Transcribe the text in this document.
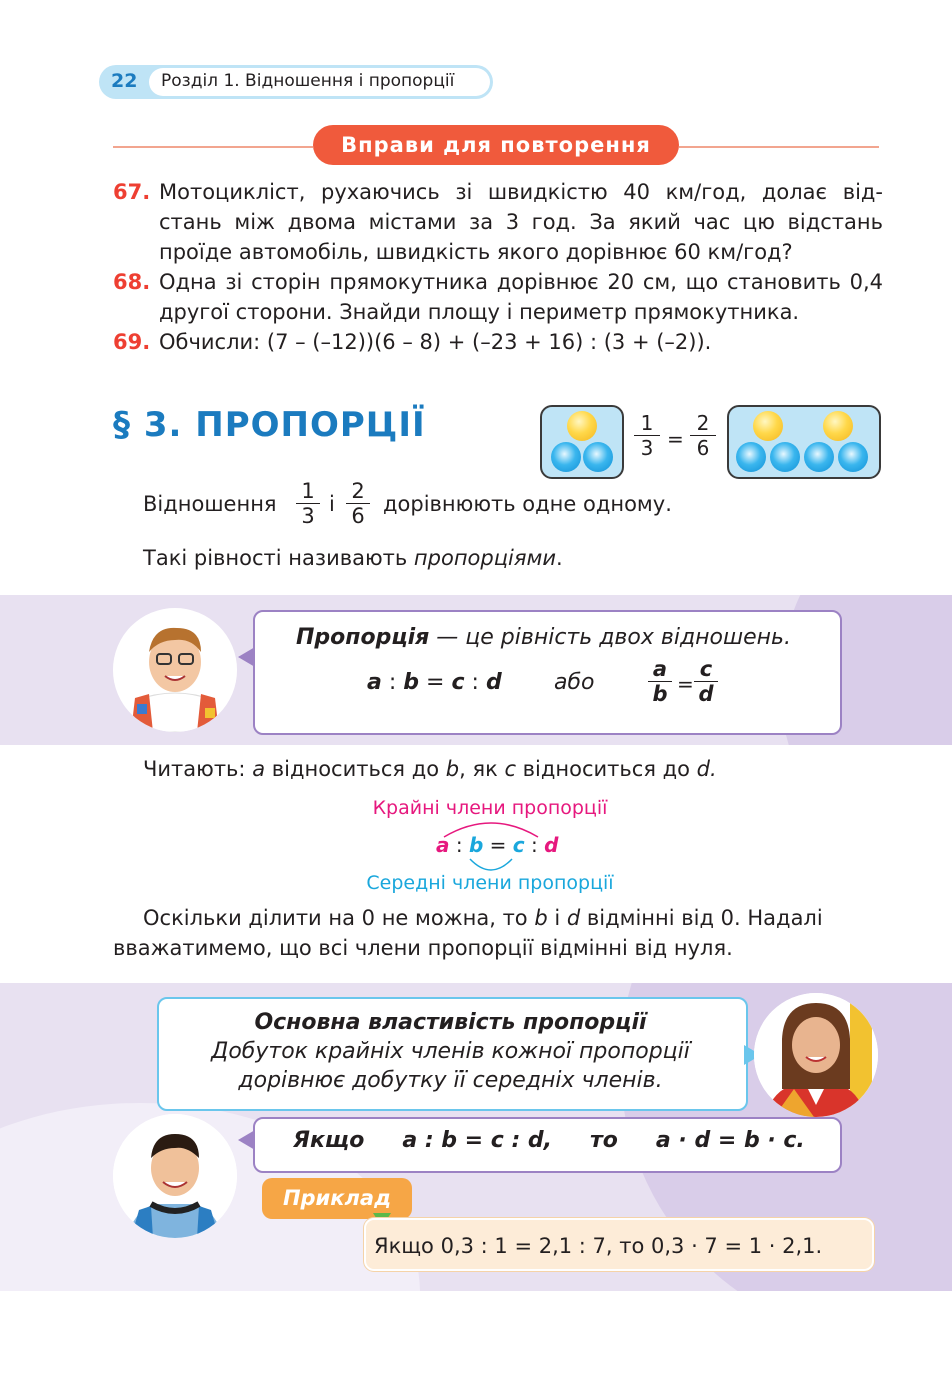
22 Розділ 1. Відношення і пропорції
Вправи для повторення
67. Мотоцикліст, рухаючись зі швидкістю 40 км/год, долає від-стань між двома містами за 3 год. За який час цю відстань проїде автомобіль, швидкість якого дорівнює 60 км/год?
68. Одна зі сторін прямокутника дорівнює 20 см, що становить 0,4 другої сторони. Знайди площу і периметр прямокутника.
69. Обчисли: (7 – (–12))(6 – 8) + (–23 + 16) : (3 + (–2)).
§ 3. ПРОПОРЦІЇ	$\frac{1}{3} = \frac{2}{6}$
Відношення $\frac{1}{3}$ і $\frac{2}{6}$ дорівнюють одне одному.
Такі рівності називають пропорціями.
Пропорція — це рівність двох відношень.
a : b = c : d або	$\frac{a}{b} = \frac{c}{d}$
Читають: a відноситься до b, як c відноситься до d.
Крайні члени пропорції
a : b = c : d
Середні члени пропорції
Оскільки ділити на 0 не можна, то b і d відмінні від 0. Надалі
вважатимемо, що всі члени пропорції відмінні від нуля.
Основна властивість пропорції
Добуток крайніх членів кожної пропорції
дорівнює добутку її середніх членів.
Якщо a : b = c : d, то a · d = b · c.
Приклад
Якщо 0,3 : 1 = 2,1 : 7, то 0,3 · 7 = 1 · 2,1.
